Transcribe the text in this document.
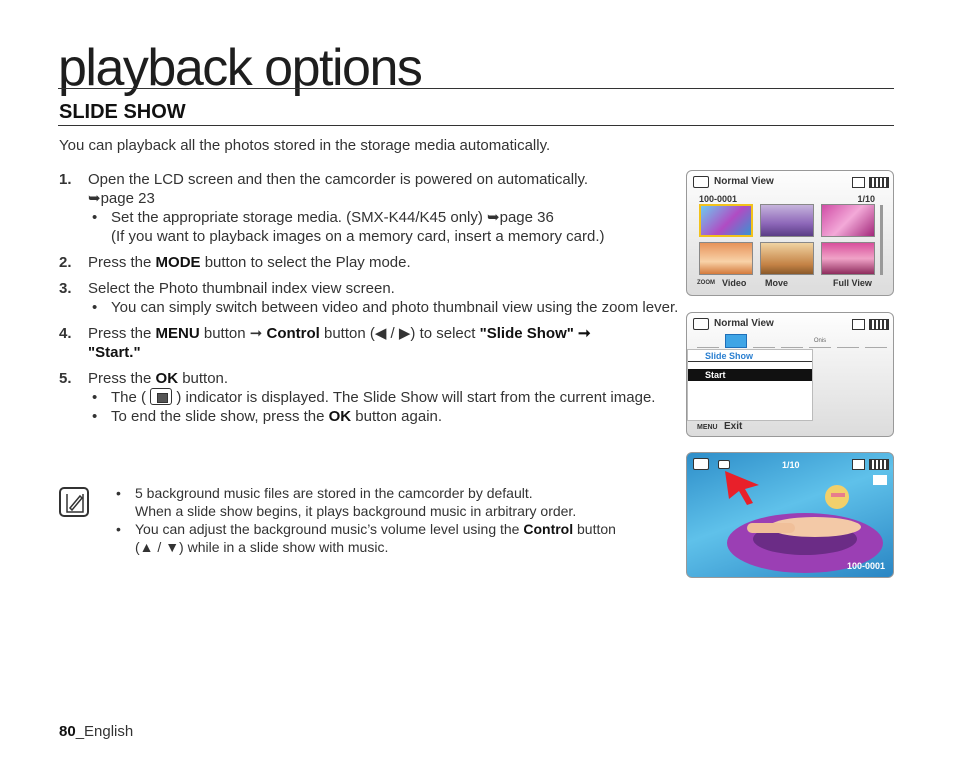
playback options
SLIDE SHOW
You can playback all the photos stored in the storage media automatically.
1. Open the LCD screen and then the camcorder is powered on automatically.
➥page 23
• Set the appropriate storage media. (SMX-K44/K45 only) ➥page 36
(If you want to playback images on a memory card, insert a memory card.)
2. Press the MODE button to select the Play mode.
3. Select the Photo thumbnail index view screen.
• You can simply switch between video and photo thumbnail view using the zoom lever.
4. Press the MENU button ➞ Control button (◀ / ▶) to select "Slide Show" ➞
"Start."
5. Press the OK button.
• The ( ) indicator is displayed. The Slide Show will start from the current image.
• To end the slide show, press the OK button again.
• 5 background music files are stored in the camcorder by default.
When a slide show begins, it plays background music in arbitrary order.
• You can adjust the background music’s volume level using the Control button
(▲ / ▼) while in a slide show with music.
80_English
Normal View
100-0001	1/10
ZOOM Video Move	Full View
Normal View
Onis
Slide Show
Start
MENU Exit
1/10
100-0001
